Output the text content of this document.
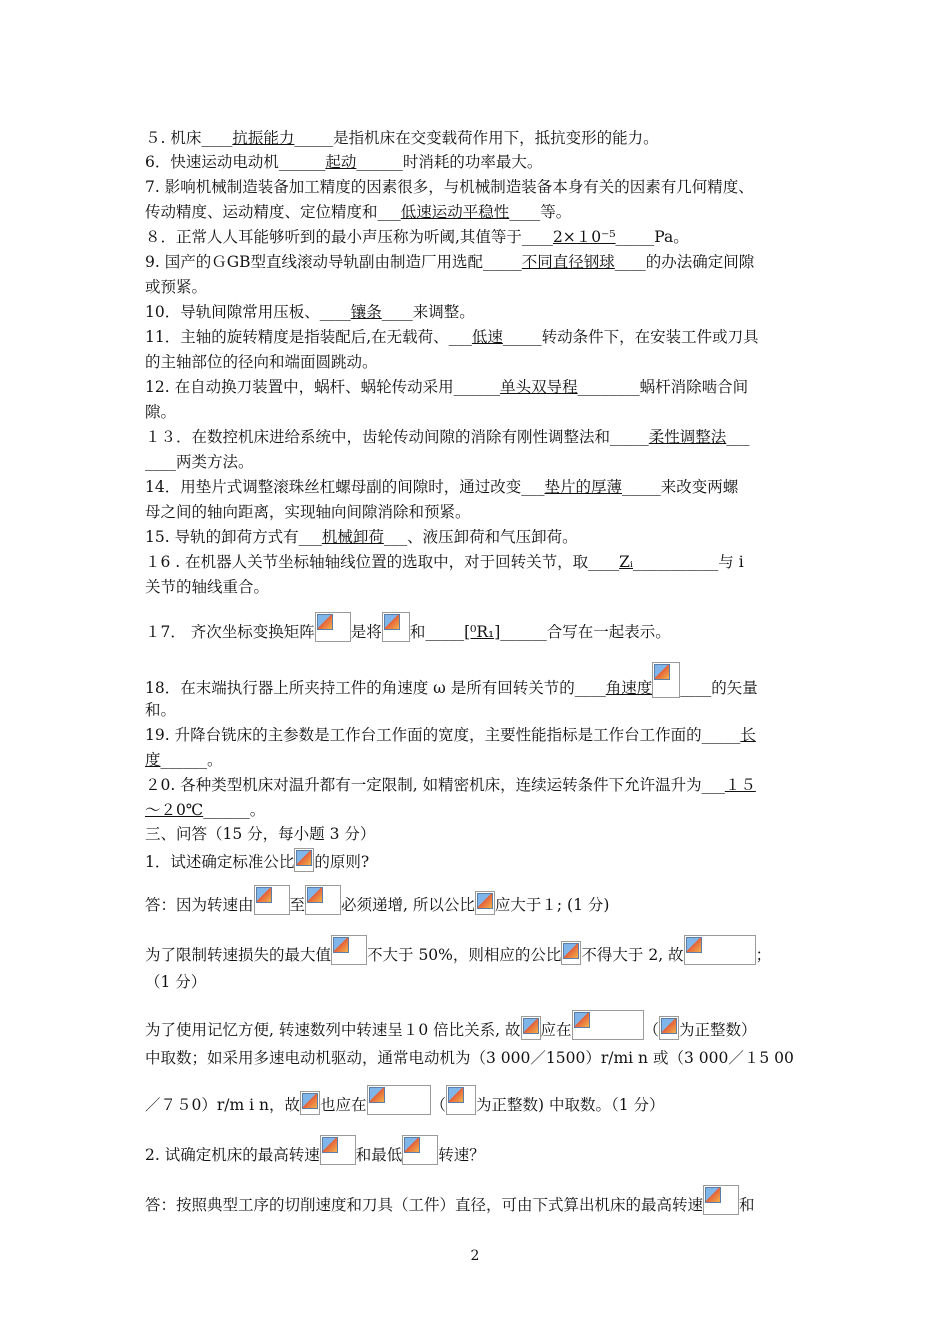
５. 机床____抗振能力_____是指机床在交变载荷作用下，抵抗变形的能力。
6．快速运动电动机______起动______时消耗的功率最大。
7. 影响机械制造装备加工精度的因素很多，与机械制造装备本身有关的因素有几何精度、
传动精度、运动精度、定位精度和___低速运动平稳性____等。
８．正常人人耳能够听到的最小声压称为听阈,其值等于____2×１0⁻⁵_____Pa。
9. 国产的ＧGB型直线滚动导轨副由制造厂用选配_____不同直径钢球____的办法确定间隙
或预紧。
10．导轨间隙常用压板、____镶条____来调整。
11．主轴的旋转精度是指装配后,在无载荷、___低速_____转动条件下，在安装工件或刀具
的主轴部位的径向和端面圆跳动。
12. 在自动换刀装置中，蜗杆、蜗轮传动采用______单头双导程________蜗杆消除啮合间
隙。
１３．在数控机床进给系统中，齿轮传动间隙的消除有刚性调整法和_____柔性调整法___
____两类方法。
14．用垫片式调整滚珠丝杠螺母副的间隙时，通过改变___垫片的厚薄_____来改变两螺
母之间的轴向距离，实现轴向间隙消除和预紧。
15. 导轨的卸荷方式有___机械卸荷___、液压卸荷和气压卸荷。
１6 . 在机器人关节坐标轴轴线位置的选取中，对于回转关节，取____Zᵢ___________与 i
关节的轴线重合。
１7． 齐次坐标变换矩阵 是将 和_____[⁰R₁]______合写在一起表示。
18．在末端执行器上所夹持工件的角速度 ω 是所有回转关节的____角速度 ____的矢量
和。
19. 升降台铣床的主参数是工作台工作面的宽度，主要性能指标是工作台工作面的_____长
度______。
２0. 各种类型机床对温升都有一定限制, 如精密机床，连续运转条件下允许温升为___１５
～２0℃______。
三、问答（15 分，每小题 3 分）
1．试述确定标准公比 的原则?
答：因为转速由 至 必须递增, 所以公比 应大于１; (1 分)
为了限制转速损失的最大值 不大于 50%，则相应的公比 不得大于 2, 故	；
（1 分）
为了使用记忆方便, 转速数列中转速呈１0 倍比关系, 故 应在	（ 为正整数）
中取数；如采用多速电动机驱动，通常电动机为（3 000／1500）r/mi n 或（3 000／１5 00
／７５0）r/m i n，故 也应在	（ 为正整数) 中取数。（1 分）
2. 试确定机床的最高转速 和最低 转速？
答：按照典型工序的切削速度和刀具（工件）直径，可由下式算出机床的最高转速 和
2
